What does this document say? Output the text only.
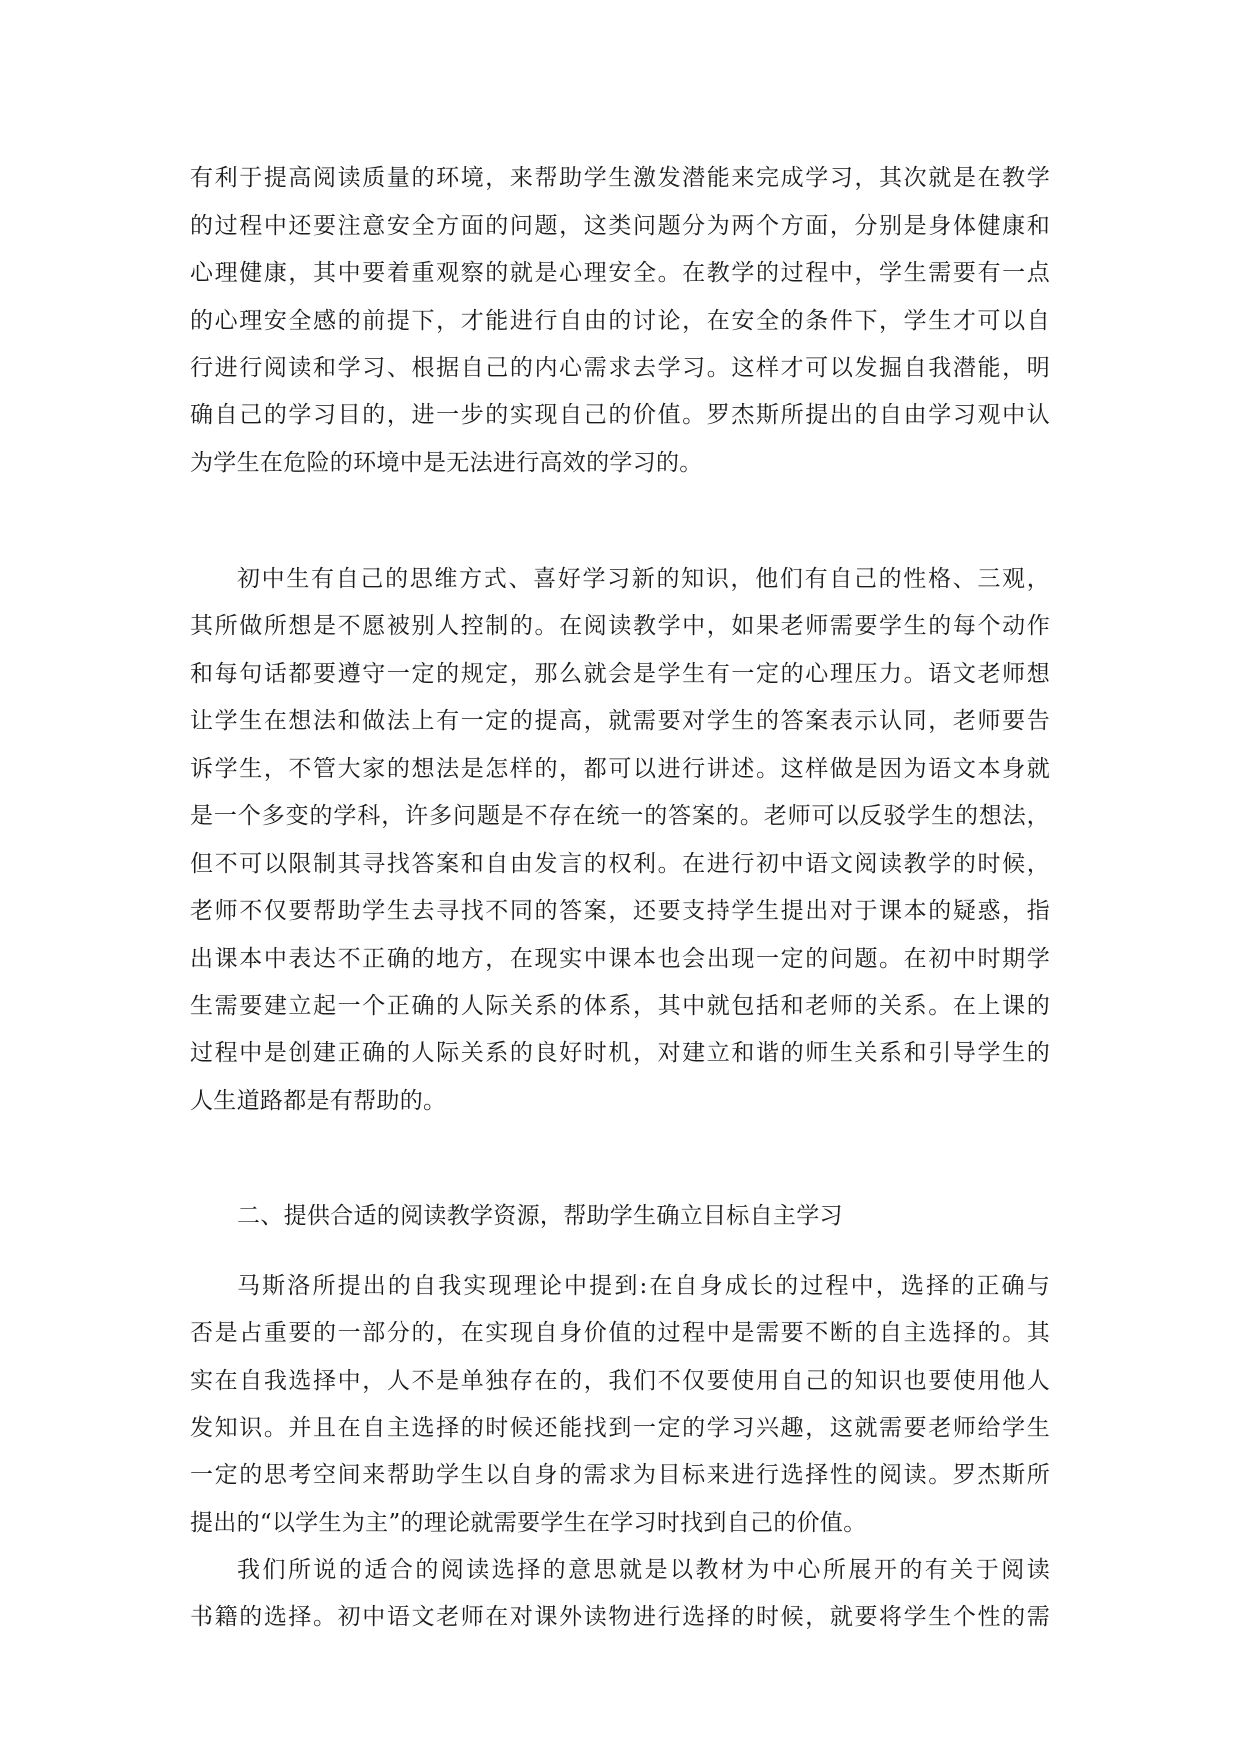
有利于提高阅读质量的环境，来帮助学生激发潜能来完成学习，其次就是在教学
的过程中还要注意安全方面的问题，这类问题分为两个方面，分别是身体健康和
心理健康，其中要着重观察的就是心理安全。在教学的过程中，学生需要有一点
的心理安全感的前提下，才能进行自由的讨论，在安全的条件下，学生才可以自
行进行阅读和学习、根据自己的内心需求去学习。这样才可以发掘自我潜能，明
确自己的学习目的，进一步的实现自己的价值。罗杰斯所提出的自由学习观中认
为学生在危险的环境中是无法进行高效的学习的。
初中生有自己的思维方式、喜好学习新的知识，他们有自己的性格、三观，
其所做所想是不愿被别人控制的。在阅读教学中，如果老师需要学生的每个动作
和每句话都要遵守一定的规定，那么就会是学生有一定的心理压力。语文老师想
让学生在想法和做法上有一定的提高，就需要对学生的答案表示认同，老师要告
诉学生，不管大家的想法是怎样的，都可以进行讲述。这样做是因为语文本身就
是一个多变的学科，许多问题是不存在统一的答案的。老师可以反驳学生的想法，
但不可以限制其寻找答案和自由发言的权利。在进行初中语文阅读教学的时候，
老师不仅要帮助学生去寻找不同的答案，还要支持学生提出对于课本的疑惑，指
出课本中表达不正确的地方，在现实中课本也会出现一定的问题。在初中时期学
生需要建立起一个正确的人际关系的体系，其中就包括和老师的关系。在上课的
过程中是创建正确的人际关系的良好时机，对建立和谐的师生关系和引导学生的
人生道路都是有帮助的。
二、提供合适的阅读教学资源，帮助学生确立目标自主学习
马斯洛所提出的自我实现理论中提到:在自身成长的过程中，选择的正确与
否是占重要的一部分的，在实现自身价值的过程中是需要不断的自主选择的。其
实在自我选择中，人不是单独存在的，我们不仅要使用自己的知识也要使用他人
发知识。并且在自主选择的时候还能找到一定的学习兴趣，这就需要老师给学生
一定的思考空间来帮助学生以自身的需求为目标来进行选择性的阅读。罗杰斯所
提出的“以学生为主”的理论就需要学生在学习时找到自己的价值。
我们所说的适合的阅读选择的意思就是以教材为中心所展开的有关于阅读
书籍的选择。初中语文老师在对课外读物进行选择的时候，就要将学生个性的需
